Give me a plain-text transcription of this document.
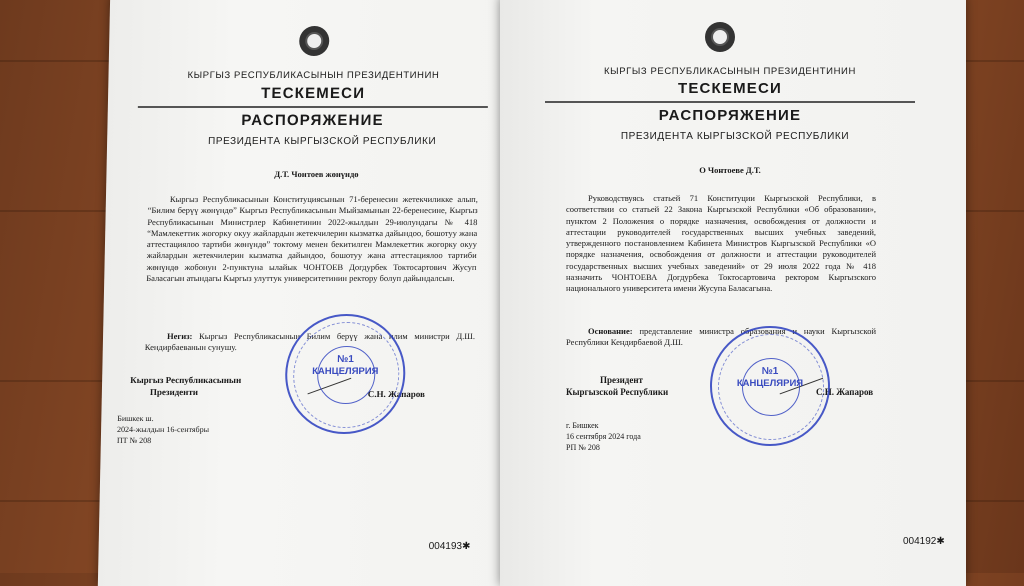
КЫРГЫЗ РЕСПУБЛИКАСЫНЫН ПРЕЗИДЕНТИНИН
ТЕСКЕМЕСИ
РАСПОРЯЖЕНИЕ
ПРЕЗИДЕНТА КЫРГЫЗСКОЙ РЕСПУБЛИКИ
Д.Т. Чонтоев жөнүндө
Кыргыз Республикасынын Конституциясынын 71-беренесин жетекчиликке алып, “Билим берүү жөнүндө” Кыргыз Республикасынын Мыйзамынын 22-беренесине, Кыргыз Республикасынын Министрлер Кабинетинин 2022-жылдын 29-июлундагы № 418 “Мамлекеттик жогорку окуу жайлардын жетекчилерин кызматка дайындоо, бошотуу жана аттестациялоо тартиби жөнүндө” токтому менен бекитилген Мамлекеттик жогорку окуу жайлардын жетекчилерин кызматка дайындоо, бошотуу жана аттестациялоо тартиби жөнүндө жобонун 2-пунктуна ылайык ЧОНТОЕВ Догдурбек Токтосартович Жусуп Баласагын атындагы Кыргыз улуттук университетинин ректору болуп дайындалсын.
Негиз: Кыргыз Республикасынын Билим берүү жана илим министри Д.Ш. Кендирбаеванын сунушу.
Кыргыз Республикасынын
Президенти	С.Н. Жапаров
№1
КАНЦЕЛЯРИЯ
Бишкек ш.
2024-жылдын 16-сентябры
ПТ № 208
004193✱
КЫРГЫЗ РЕСПУБЛИКАСЫНЫН ПРЕЗИДЕНТИНИН
ТЕСКЕМЕСИ
РАСПОРЯЖЕНИЕ
ПРЕЗИДЕНТА КЫРГЫЗСКОЙ РЕСПУБЛИКИ
О Чонтоеве Д.Т.
Руководствуясь статьей 71 Конституции Кыргызской Республики, в соответствии со статьей 22 Закона Кыргызской Республики «Об образовании», пунктом 2 Положения о порядке назначения, освобождения от должности и аттестации руководителей государственных высших учебных заведений, утвержденного постановлением Кабинета Министров Кыргызской Республики «О порядке назначения, освобождения от должности и аттестации руководителей государственных высших учебных заведений» от 29 июля 2022 года № 418 назначить ЧОНТОЕВА Догдурбека Токтосартовича ректором Кыргызского национального университета имени Жусупа Баласагына.
Основание: представление министра образования и науки Кыргызской Республики Кендирбаевой Д.Ш.
Президент
Кыргызской Республики	С.Н. Жапаров
№1
КАНЦЕЛЯРИЯ
г. Бишкек
16 сентября 2024 года
РП № 208
004192✱
